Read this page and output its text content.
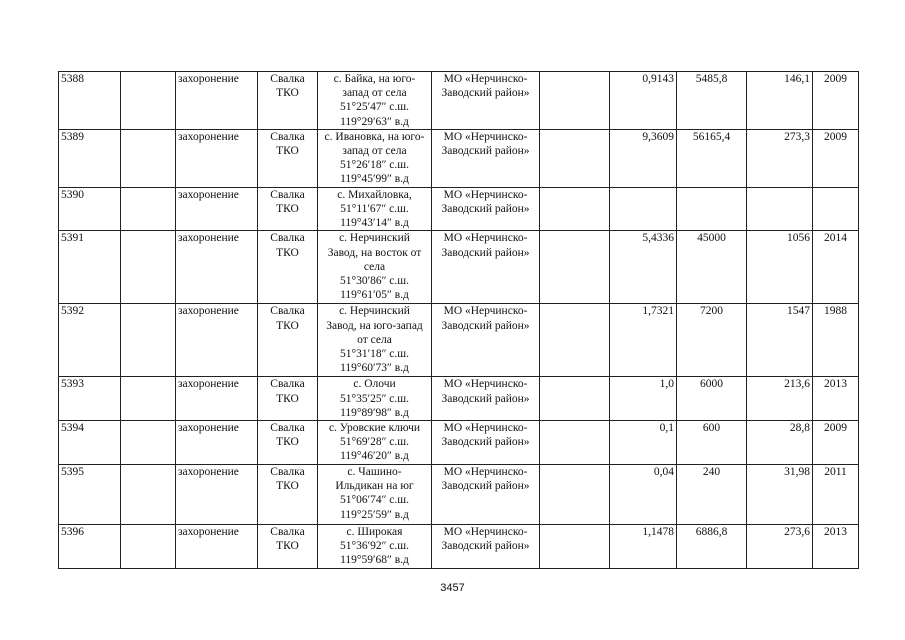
5388		захоронение	Свалка
ТКО	с. Байка, на юго-
запад от села
51°25′47″ с.ш.
119°29′63″ в.д	МО «Нерчинско-
Заводский район»		0,9143	5485,8	146,1	2009
5389		захоронение	Свалка
ТКО	с. Ивановка, на юго-
запад от села
51°26′18″ с.ш.
119°45′99″ в.д	МО «Нерчинско-
Заводский район»		9,3609	56165,4	273,3	2009
5390		захоронение	Свалка
ТКО	с. Михайловка,
51°11′67″ с.ш.
119°43′14″ в.д	МО «Нерчинско-
Заводский район»					

5391		захоронение	Свалка
ТКО	с. Нерчинский
Завод, на восток от
села
51°30′86″ с.ш.
119°61′05″ в.д	МО «Нерчинско-
Заводский район»		5,4336	45000	1056	2014
5392		захоронение	Свалка
ТКО	с. Нерчинский
Завод, на юго-запад
от села
51°31′18″ с.ш.
119°60′73″ в.д	МО «Нерчинско-
Заводский район»		1,7321	7200	1547	1988
5393		захоронение	Свалка
ТКО	с. Олочи
51°35′25″ с.ш.
119°89′98″ в.д	МО «Нерчинско-
Заводский район»		1,0	6000	213,6	2013
5394		захоронение	Свалка
ТКО	с. Уровские ключи
51°69′28″ с.ш.
119°46′20″ в.д	МО «Нерчинско-
Заводский район»		0,1	600	28,8	2009
5395		захоронение	Свалка
ТКО	с. Чашино-
Ильдикан на юг
51°06′74″ с.ш.
119°25′59″ в.д	МО «Нерчинско-
Заводский район»		0,04	240	31,98	2011
5396		захоронение	Свалка
ТКО	с. Широкая
51°36′92″ с.ш.
119°59′68″ в.д	МО «Нерчинско-
Заводский район»		1,1478	6886,8	273,6	2013
3457
